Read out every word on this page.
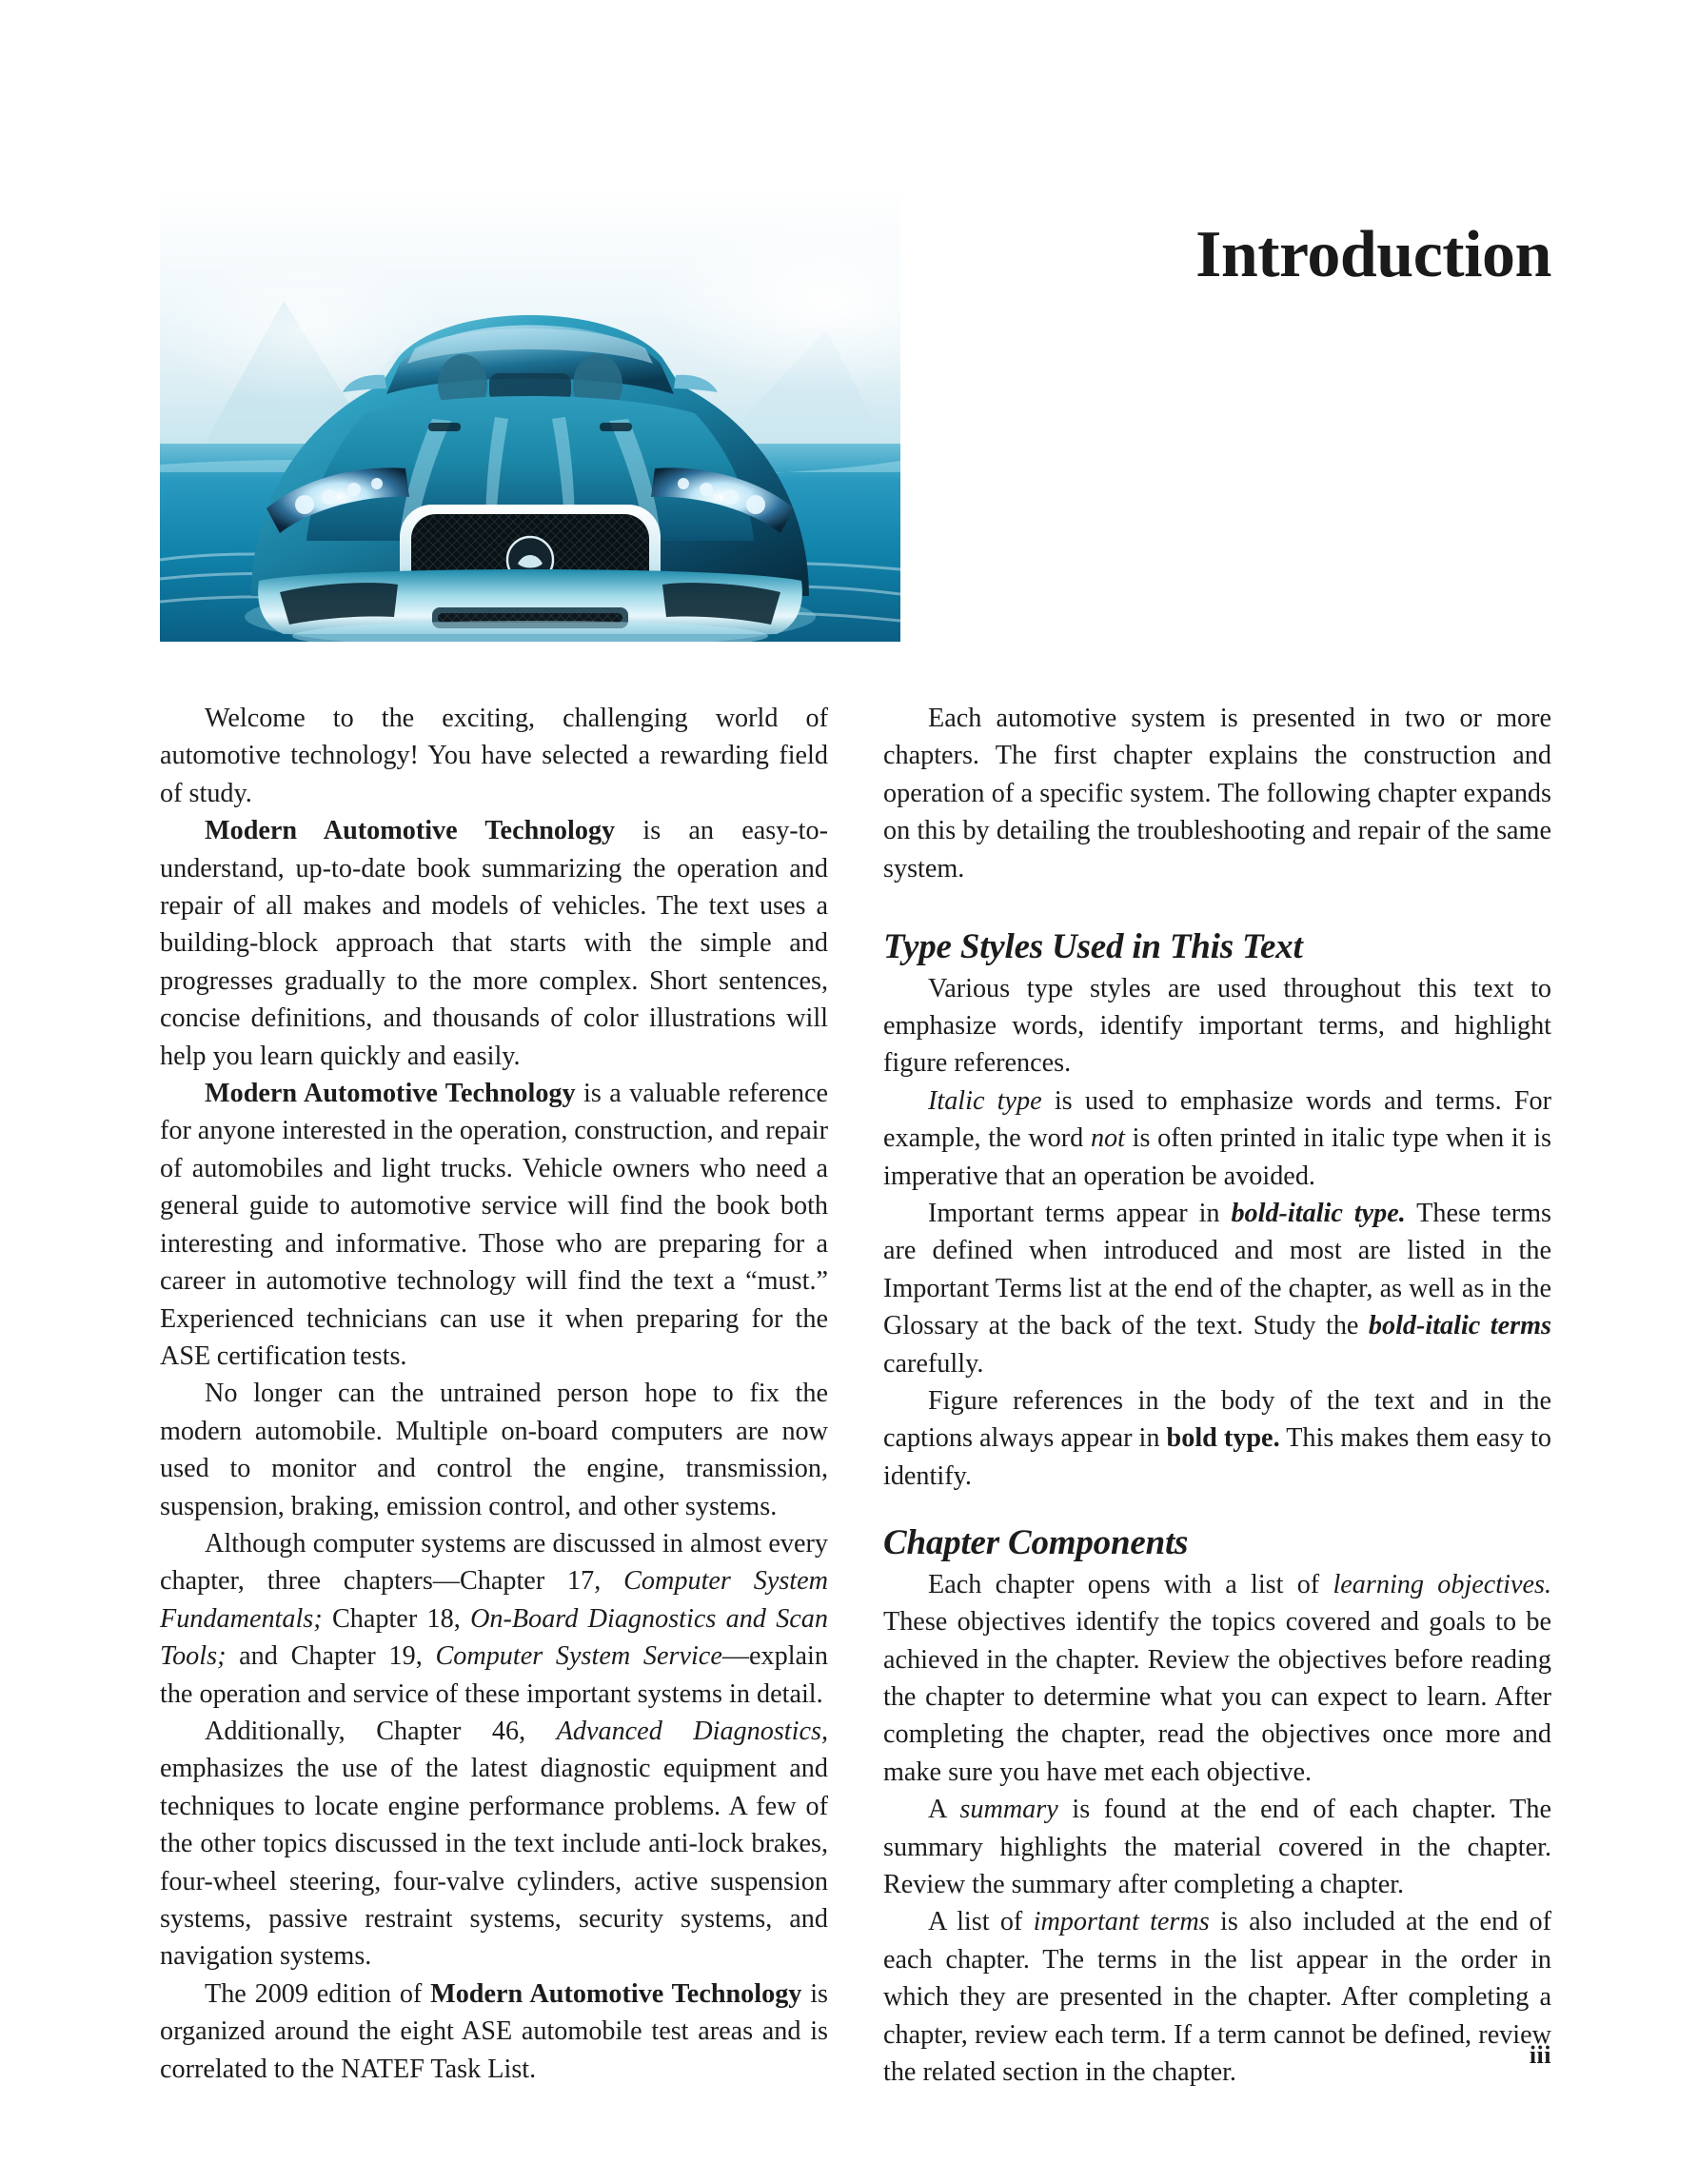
Introduction

Welcome to the exciting, challenging world of automotive technology! You have selected a rewarding field of study.

Modern Automotive Technology is an easy-to-understand, up-to-date book summarizing the operation and repair of all makes and models of vehicles. The text uses a building-block approach that starts with the simple and progresses gradually to the more complex. Short sentences, concise definitions, and thousands of color illustrations will help you learn quickly and easily.

Modern Automotive Technology is a valuable reference for anyone interested in the operation, construction, and repair of automobiles and light trucks. Vehicle owners who need a general guide to automotive service will find the book both interesting and informative. Those who are preparing for a career in automotive technology will find the text a “must.” Experienced technicians can use it when preparing for the ASE certification tests.

No longer can the untrained person hope to fix the modern automobile. Multiple on-board computers are now used to monitor and control the engine, transmission, suspension, braking, emission control, and other systems.

Although computer systems are discussed in almost every chapter, three chapters—Chapter 17, Computer System Fundamentals; Chapter 18, On-Board Diagnostics and Scan Tools; and Chapter 19, Computer System Service—explain the operation and service of these important systems in detail.

Additionally, Chapter 46, Advanced Diagnostics, emphasizes the use of the latest diagnostic equipment and techniques to locate engine performance problems. A few of the other topics discussed in the text include anti-lock brakes, four-wheel steering, four-valve cylinders, active suspension systems, passive restraint systems, security systems, and navigation systems.

The 2009 edition of Modern Automotive Technology is organized around the eight ASE automobile test areas and is correlated to the NATEF Task List.

Each automotive system is presented in two or more chapters. The first chapter explains the construction and operation of a specific system. The following chapter expands on this by detailing the troubleshooting and repair of the same system.

Type Styles Used in This Text

Various type styles are used throughout this text to emphasize words, identify important terms, and highlight figure references.

Italic type is used to emphasize words and terms. For example, the word not is often printed in italic type when it is imperative that an operation be avoided.

Important terms appear in bold-italic type. These terms are defined when introduced and most are listed in the Important Terms list at the end of the chapter, as well as in the Glossary at the back of the text. Study the bold-italic terms carefully.

Figure references in the body of the text and in the captions always appear in bold type. This makes them easy to identify.

Chapter Components

Each chapter opens with a list of learning objectives. These objectives identify the topics covered and goals to be achieved in the chapter. Review the objectives before reading the chapter to determine what you can expect to learn. After completing the chapter, read the objectives once more and make sure you have met each objective.

A summary is found at the end of each chapter. The summary highlights the material covered in the chapter. Review the summary after completing a chapter.

A list of important terms is also included at the end of each chapter. The terms in the list appear in the order in which they are presented in the chapter. After completing a chapter, review each term. If a term cannot be defined, review the related section in the chapter.

iii
